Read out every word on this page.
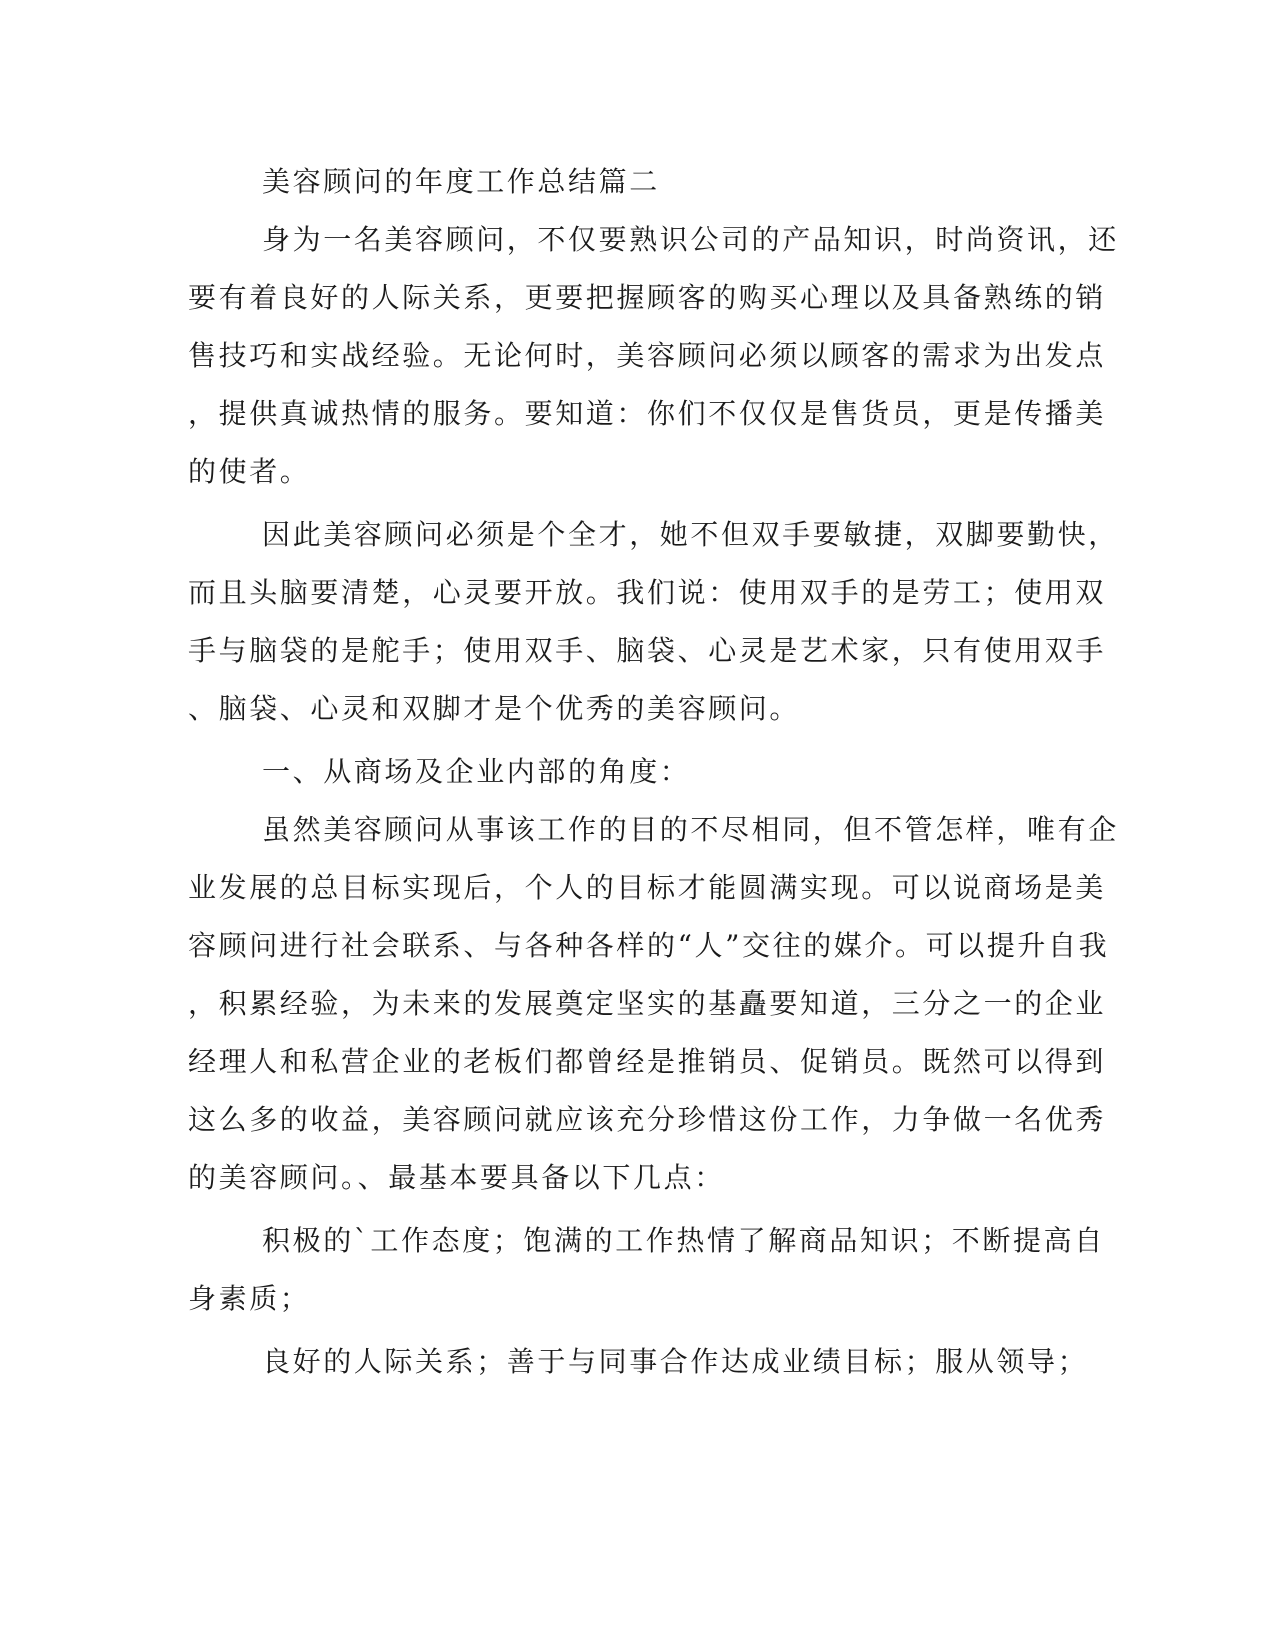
美容顾问的年度工作总结篇二
身为一名美容顾问，不仅要熟识公司的产品知识，时尚资讯，还
要有着良好的人际关系，更要把握顾客的购买心理以及具备熟练的销
售技巧和实战经验。无论何时，美容顾问必须以顾客的需求为出发点
，提供真诚热情的服务。要知道：你们不仅仅是售货员，更是传播美
的使者。
因此美容顾问必须是个全才，她不但双手要敏捷，双脚要勤快，
而且头脑要清楚，心灵要开放。我们说：使用双手的是劳工；使用双
手与脑袋的是舵手；使用双手、脑袋、心灵是艺术家，只有使用双手
、脑袋、心灵和双脚才是个优秀的美容顾问。
一、从商场及企业内部的角度：
虽然美容顾问从事该工作的目的不尽相同，但不管怎样，唯有企
业发展的总目标实现后，个人的目标才能圆满实现。可以说商场是美
容顾问进行社会联系、与各种各样的“人”交往的媒介。可以提升自我
，积累经验，为未来的发展奠定坚实的基矗要知道，三分之一的企业
经理人和私营企业的老板们都曾经是推销员、促销员。既然可以得到
这么多的收益，美容顾问就应该充分珍惜这份工作，力争做一名优秀
的美容顾问。、最基本要具备以下几点：
积极的`工作态度；饱满的工作热情了解商品知识；不断提高自
身素质；
良好的人际关系；善于与同事合作达成业绩目标；服从领导；
